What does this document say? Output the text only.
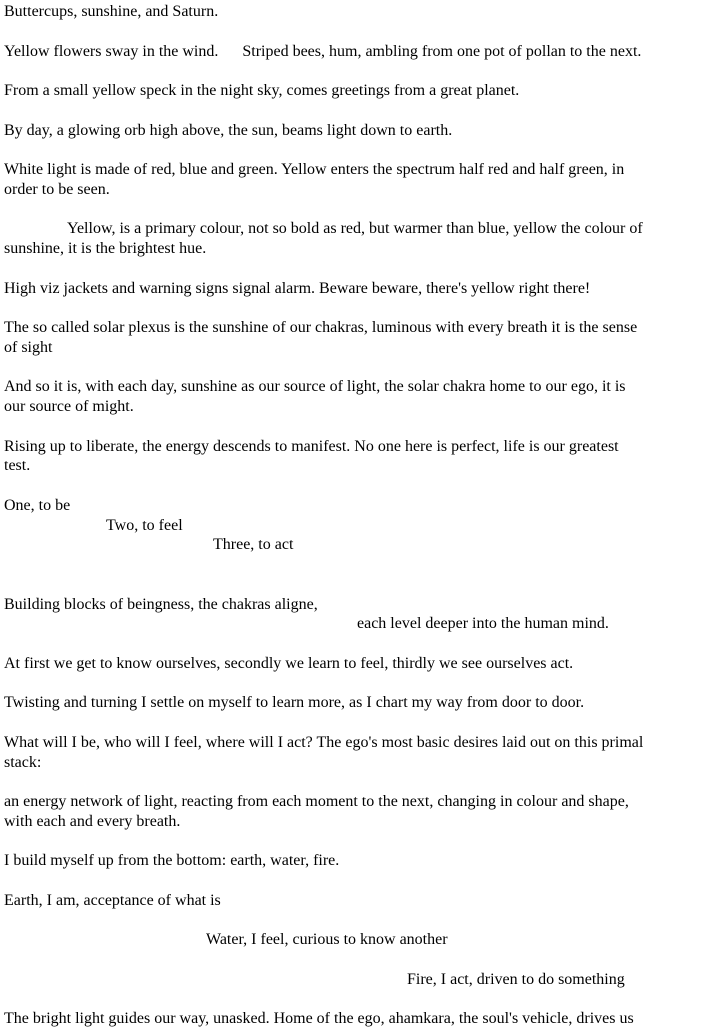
Buttercups, sunshine, and Saturn.

Yellow flowers sway in the wind.      Striped bees, hum, ambling from one pot of pollan to the next.

From a small yellow speck in the night sky, comes greetings from a great planet.

By day, a glowing orb high above, the sun, beams light down to earth.

White light is made of red, blue and green. Yellow enters the spectrum half red and half green, in
order to be seen.

Yellow, is a primary colour, not so bold as red, but warmer than blue, yellow the colour of
sunshine, it is the brightest hue.

High viz jackets and warning signs signal alarm. Beware beware, there's yellow right there!

The so called solar plexus is the sunshine of our chakras, luminous with every breath it is the sense
of sight

And so it is, with each day, sunshine as our source of light, the solar chakra home to our ego, it is
our source of might.

Rising up to liberate, the energy descends to manifest. No one here is perfect, life is our greatest
test.

One, to be
Two, to feel
Three, to act

Building blocks of beingness, the chakras aligne,
each level deeper into the human mind.

At first we get to know ourselves, secondly we learn to feel, thirdly we see ourselves act.

Twisting and turning I settle on myself to learn more, as I chart my way from door to door.

What will I be, who will I feel, where will I act? The ego's most basic desires laid out on this primal
stack:

an energy network of light, reacting from each moment to the next, changing in colour and shape,
with each and every breath.

I build myself up from the bottom: earth, water, fire.

Earth, I am, acceptance of what is

Water, I feel, curious to know another

Fire, I act, driven to do something

The bright light guides our way, unasked. Home of the ego, ahamkara, the soul's vehicle, drives us
